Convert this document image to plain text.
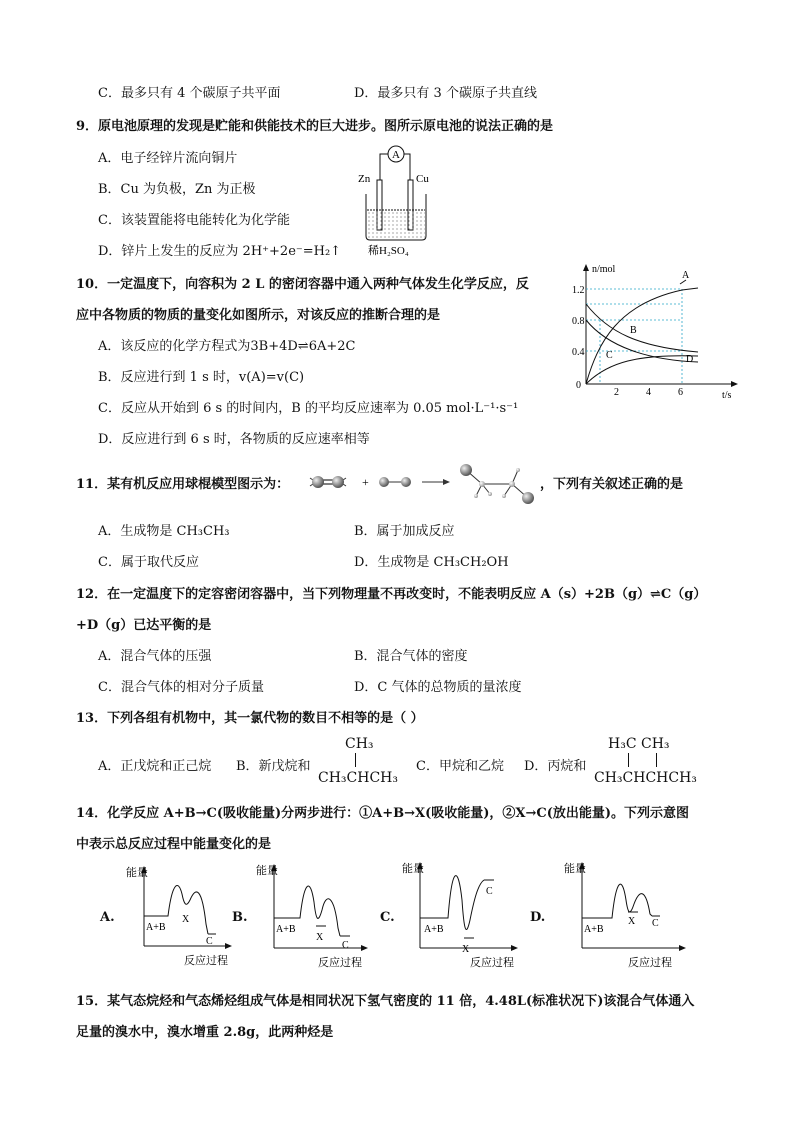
C．最多只有 4 个碳原子共平面	D．最多只有 3 个碳原子共直线
9．原电池原理的发现是贮能和供能技术的巨大进步。图所示原电池的说法正确的是
A．电子经锌片流向铜片
B．Cu 为负极，Zn 为正极
C．该装置能将电能转化为化学能
D．锌片上发生的反应为 2H⁺+2e⁻=H₂↑
A
Zn	Cu
稀H₂SO₄
10．一定温度下，向容积为 2 L 的密闭容器中通入两种气体发生化学反应，反
应中各物质的物质的量变化如图所示，对该反应的推断合理的是
A．该反应的化学方程式为3B+4D⇌6A+2C
B．反应进行到 1 s 时，v(A)=v(C)
C．反应从开始到 6 s 的时间内，B 的平均反应速率为 0.05 mol·L⁻¹·s⁻¹
D．反应进行到 6 s 时，各物质的反应速率相等
n/mol
t/s
1.2
0.8
0.4
0
2	4	6
A
B
C	D
11．某有机反应用球棍模型图示为：	+	，下列有关叙述正确的是
A．生成物是 CH₃CH₃	B．属于加成反应
C．属于取代反应	D．生成物是 CH₃CH₂OH
12．在一定温度下的定容密闭容器中，当下列物理量不再改变时，不能表明反应 A（s）+2B（g）⇌C（g）
+D（g）已达平衡的是
A．混合气体的压强	B．混合气体的密度
C．混合气体的相对分子质量	D．C 气体的总物质的量浓度
13．下列各组有机物中，其一氯代物的数目不相等的是（ ）
A．正戊烷和正己烷 B．新戊烷和
CH₃
CH₃CHCH₃
C．甲烷和乙烷 D．丙烷和
H₃C CH₃
CH₃CHCHCH₃
14．化学反应 A+B→C(吸收能量)分两步进行：①A+B→X(吸收能量)，②X→C(放出能量)。下列示意图
中表示总反应过程中能量变化的是
A.
能量
反应过程
A+B
X
C
B.
能量
反应过程
A+B
X
C
C.
能量
反应过程
A+B
X
C
D.
能量
反应过程
A+B
X C
15．某气态烷烃和气态烯烃组成气体是相同状况下氢气密度的 11 倍，4.48L(标准状况下)该混合气体通入
足量的溴水中，溴水增重 2.8g，此两种烃是
